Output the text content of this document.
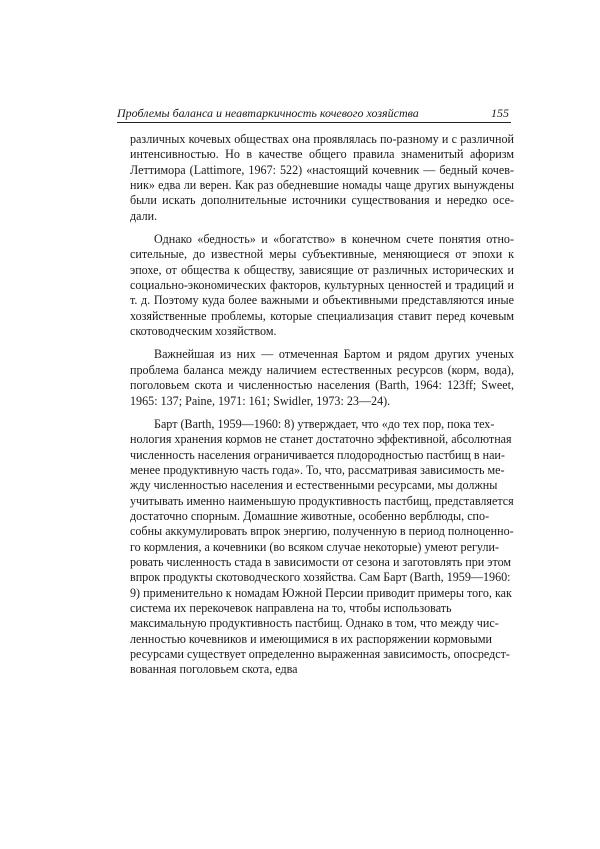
Проблемы баланса и неавтаркичность кочевого хозяйства	155

различных кочевых обществах она проявлялась по-разному и с различной интенсивностью. Но в качестве общего правила знаменитый афоризм Леттимора (Lattimore, 1967: 522) «настоящий кочевник — бедный кочевник» едва ли верен. Как раз обедневшие номады чаще других вынуждены были искать дополнительные источники существования и нередко оседали.

Однако «бедность» и «богатство» в конечном счете понятия относительные, до известной меры субъективные, меняющиеся от эпохи к эпохе, от общества к обществу, зависящие от различных исторических и социально-экономических факторов, культурных ценностей и традиций и т. д. Поэтому куда более важными и объективными представляются иные хозяйственные проблемы, которые специализация ставит перед кочевым скотоводческим хозяйством.

Важнейшая из них — отмеченная Бартом и рядом других ученых проблема баланса между наличием естественных ресурсов (корм, вода), поголовьем скота и численностью населения (Barth, 1964: 123ff; Sweet, 1965: 137; Paine, 1971: 161; Swidler, 1973: 23—24).

Барт (Barth, 1959—1960: 8) утверждает, что «до тех пор, пока технология хранения кормов не станет достаточно эффективной, абсолютная численность населения ограничивается плодородностью пастбищ в наименее продуктивную часть года». То, что, рассматривая зависимость между численностью населения и естественными ресурсами, мы должны учитывать именно наименьшую продуктивность пастбищ, представляется достаточно спорным. Домашние животные, особенно верблюды, способны аккумулировать впрок энергию, полученную в период полноценного кормления, а кочевники (во всяком случае некоторые) умеют регулировать численность стада в зависимости от сезона и заготовлять при этом впрок продукты скотоводческого хозяйства. Сам Барт (Barth, 1959—1960: 9) применительно к номадам Южной Персии приводит примеры того, как система их перекочевок направлена на то, чтобы использовать максимальную продуктивность пастбищ. Однако в том, что между численностью кочевников и имеющимися в их распоряжении кормовыми ресурсами существует определенно выраженная зависимость, опосредствованная поголовьем скота, едва
